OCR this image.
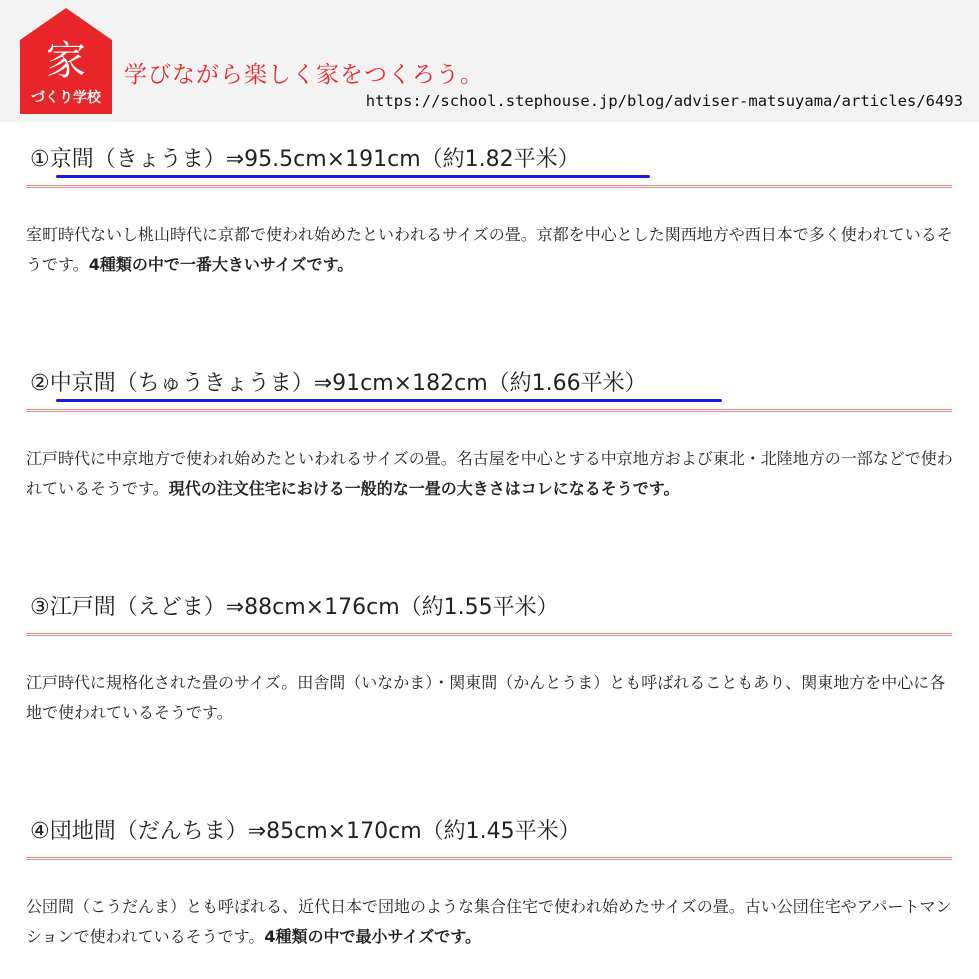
家
づくり学校
学びながら楽しく家をつくろう。
https://school.stephouse.jp/blog/adviser-matsuyama/articles/6493
①京間（きょうま）⇒95.5cm×191cm（約1.82平米）

室町時代ないし桃山時代に京都で使われ始めたといわれるサイズの畳。京都を中心とした関西地方や西日本で多く使われているそうです。4種類の中で一番大きいサイズです。

②中京間（ちゅうきょうま）⇒91cm×182cm（約1.66平米）

江戸時代に中京地方で使われ始めたといわれるサイズの畳。名古屋を中心とする中京地方および東北・北陸地方の一部などで使われているそうです。現代の注文住宅における一般的な一畳の大きさはコレになるそうです。

③江戸間（えどま）⇒88cm×176cm（約1.55平米）

江戸時代に規格化された畳のサイズ。田舎間（いなかま）・関東間（かんとうま）とも呼ばれることもあり、関東地方を中心に各地で使われているそうです。

④団地間（だんちま）⇒85cm×170cm（約1.45平米）

公団間（こうだんま）とも呼ばれる、近代日本で団地のような集合住宅で使われ始めたサイズの畳。古い公団住宅やアパートマンションで使われているそうです。4種類の中で最小サイズです。
